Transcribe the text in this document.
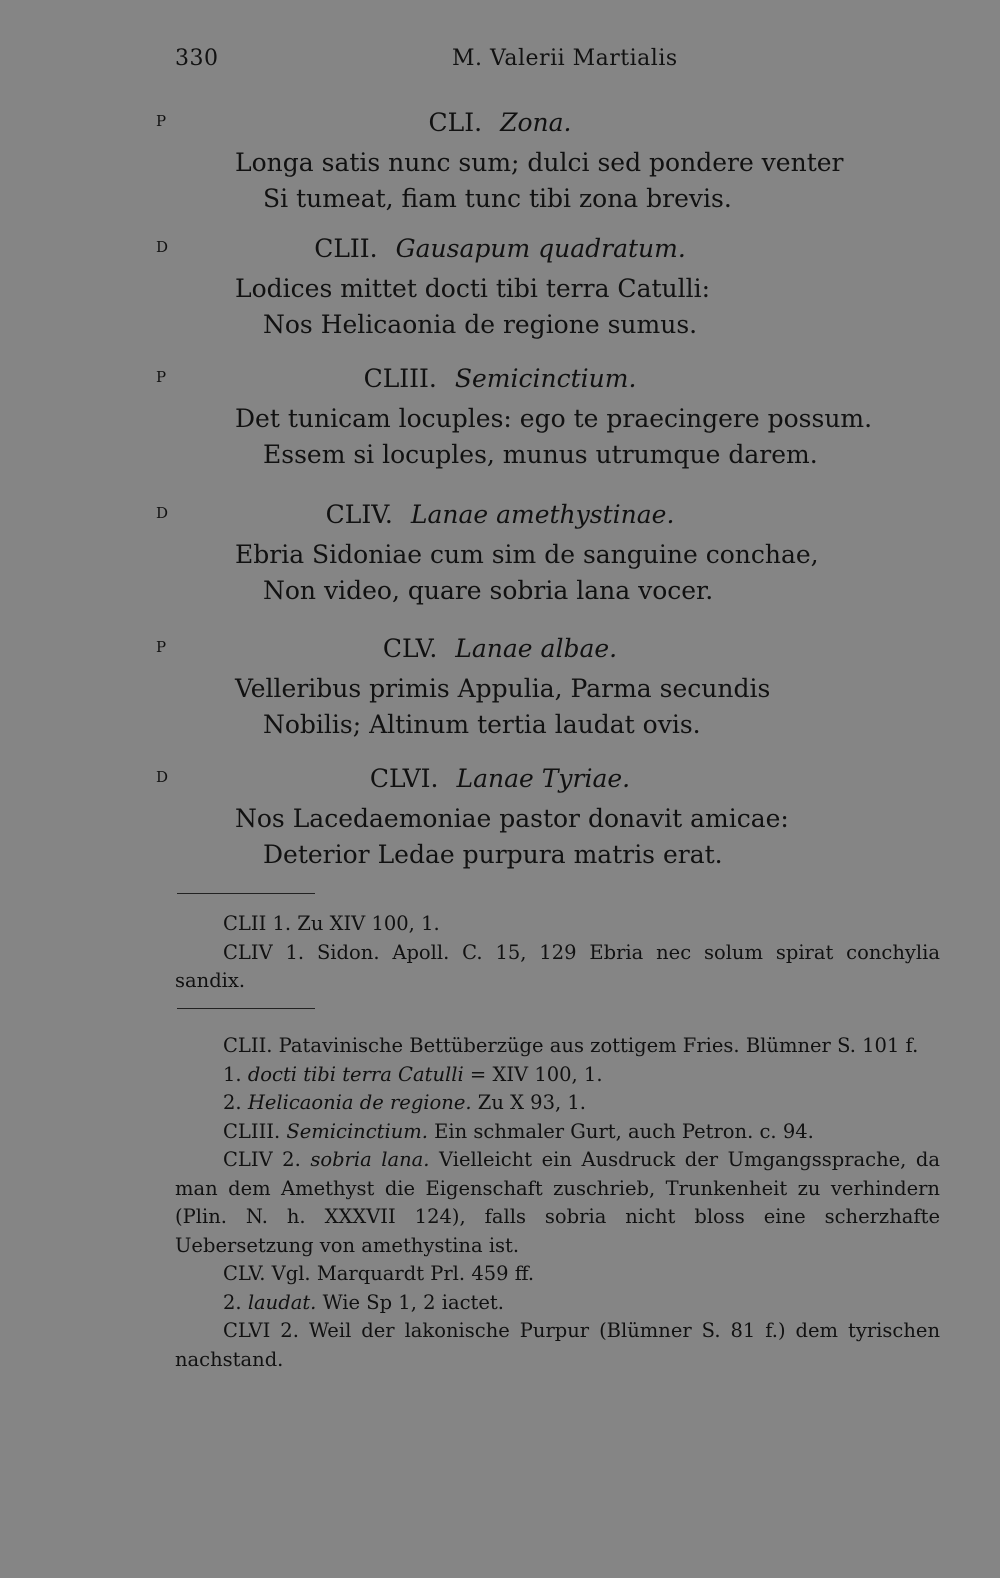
330	M. Valerii Martialis
P	CLI. Zona.
Longa satis nunc sum; dulci sed pondere venter
Si tumeat, fiam tunc tibi zona brevis.
D	CLII. Gausapum quadratum.
Lodices mittet docti tibi terra Catulli:
Nos Helicaonia de regione sumus.
P	CLIII. Semicinctium.
Det tunicam locuples: ego te praecingere possum.
Essem si locuples, munus utrumque darem.
D	CLIV. Lanae amethystinae.
Ebria Sidoniae cum sim de sanguine conchae,
Non video, quare sobria lana vocer.
P	CLV. Lanae albae.
Velleribus primis Appulia, Parma secundis
Nobilis; Altinum tertia laudat ovis.
D	CLVI. Lanae Tyriae.
Nos Lacedaemoniae pastor donavit amicae:
Deterior Ledae purpura matris erat.

CLII 1. Zu XIV 100, 1.

CLIV 1. Sidon. Apoll. C. 15, 129 Ebria nec solum spirat conchylia sandix.

CLII. Patavinische Bettüberzüge aus zottigem Fries. Blümner S. 101 f.

1. docti tibi terra Catulli = XIV 100, 1.

2. Helicaonia de regione. Zu X 93, 1.

CLIII. Semicinctium. Ein schmaler Gurt, auch Petron. c. 94.

CLIV 2. sobria lana. Vielleicht ein Ausdruck der Umgangssprache, da man dem Amethyst die Eigenschaft zuschrieb, Trunkenheit zu verhindern (Plin. N. h. XXXVII 124), falls sobria nicht bloss eine scherzhafte Uebersetzung von amethystina ist.

CLV. Vgl. Marquardt Prl. 459 ff.

2. laudat. Wie Sp 1, 2 iactet.

CLVI 2. Weil der lakonische Purpur (Blümner S. 81 f.) dem tyrischen nachstand.
